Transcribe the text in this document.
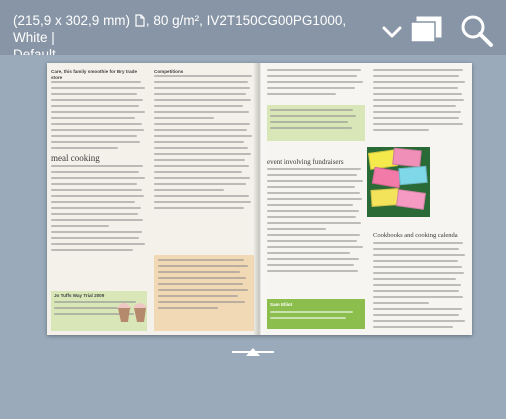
(215,9 x 302,9 mm) , 80 g/m², IV2T150CG00PG1000, White |

Care, this family smoothie for Bry trade store
meal cooking
Jo Tuffs Way Trial 2009
Competitions
event involving fundraisers
Sam Elliot
Cookbooks and cooking calenda
